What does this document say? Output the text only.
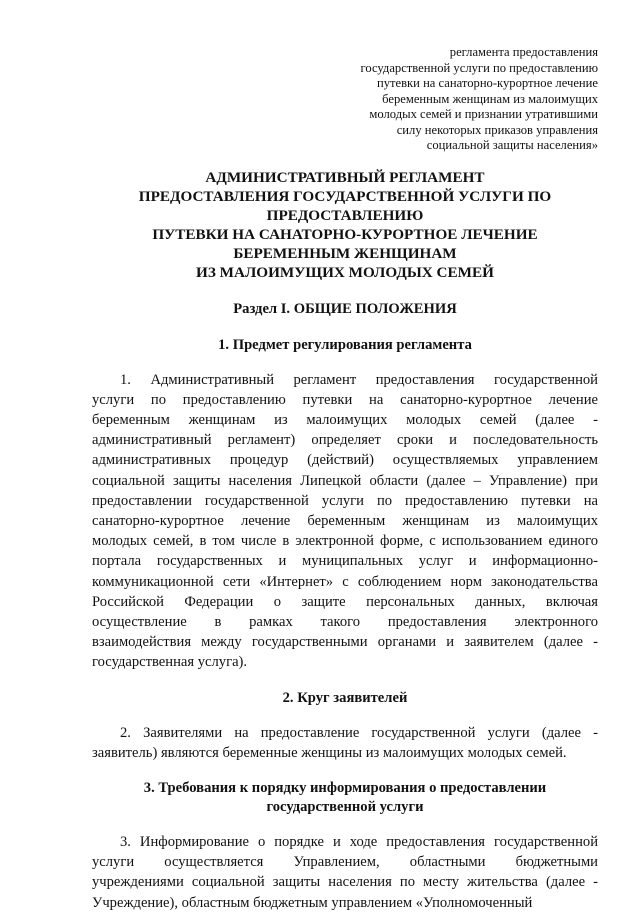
регламента предоставления
государственной услуги по предоставлению
путевки на санаторно-курортное лечение
беременным женщинам из малоимущих
молодых семей и признании утратившими
силу некоторых приказов управления
социальной защиты населения»
АДМИНИСТРАТИВНЫЙ РЕГЛАМЕНТ
ПРЕДОСТАВЛЕНИЯ ГОСУДАРСТВЕННОЙ УСЛУГИ ПО
ПРЕДОСТАВЛЕНИЮ
ПУТЕВКИ НА САНАТОРНО-КУРОРТНОЕ ЛЕЧЕНИЕ
БЕРЕМЕННЫМ ЖЕНЩИНАМ
ИЗ МАЛОИМУЩИХ МОЛОДЫХ СЕМЕЙ
Раздел I. ОБЩИЕ ПОЛОЖЕНИЯ
1. Предмет регулирования регламента
1. Административный регламент предоставления государственной
услуги по предоставлению путевки на санаторно-курортное лечение
беременным женщинам из малоимущих молодых семей (далее -
административный регламент) определяет сроки и последовательность
административных процедур (действий) осуществляемых управлением
социальной защиты населения Липецкой области (далее – Управление) при
предоставлении государственной услуги по предоставлению путевки на
санаторно-курортное лечение беременным женщинам из малоимущих
молодых семей, в том числе в электронной форме, с использованием единого
портала государственных и муниципальных услуг и информационно-
коммуникационной сети «Интернет» с соблюдением норм законодательства
Российской Федерации о защите персональных данных, включая
осуществление в рамках такого предоставления электронного
взаимодействия между государственными органами и заявителем (далее -
государственная услуга).
2. Круг заявителей
2. Заявителями на предоставление государственной услуги (далее -
заявитель) являются беременные женщины из малоимущих молодых семей.
3. Требования к порядку информирования о предоставлении
государственной услуги
3. Информирование о порядке и ходе предоставления государственной
услуги осуществляется Управлением, областными бюджетными
учреждениями социальной защиты населения по месту жительства (далее -
Учреждение), областным бюджетным управлением «Уполномоченный
